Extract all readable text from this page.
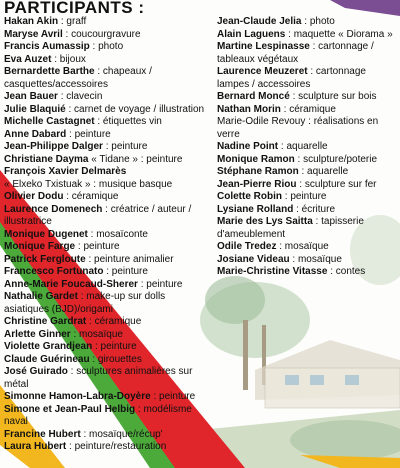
PARTICIPANTS :
Hakan Akin : graff
Maryse Avril : coucourgravure
Francis Aumassip : photo
Eva Auzet : bijoux
Bernardette Barthe : chapeaux / casquettes/accessoires
Jean Bauer : clavecin
Julie Blaquié : carnet de voyage / illustration
Michelle Castagnet : étiquettes vin
Anne Dabard : peinture
Jean-Philippe Dalger : peinture
Christiane Dayma « Tidane » : peinture
François Xavier Delmarès
« Elxeko Txistuak » : musique basque
Olivier Dodu : céramique
Laurence Domenech : créatrice / auteur / illustratrice
Monique Dugenet : mosaïconte
Monique Farge : peinture
Patrick Fergloute : peinture animalier
Francesco Fortunato : peinture
Anne-Marie Foucaud-Sherer : peinture
Nathalie Gardet : make-up sur dolls asiatiques (BJD)/origami
Christine Gardrat : céramique
Arlette Ginner : mosaïque
Violette Grandjean : peinture
Claude Guérineau : girouettes
José Guirado : sculptures animalières sur métal
Simonne Hamon-Labra-Doyère : peinture
Simone et Jean-Paul Helbig : modélisme naval
Francine Hubert : mosaïque/récup'
Laura Hubert : peinture/restauration
Jean-Claude Jelia : photo
Alain Laguens : maquette « Diorama »
Martine Lespinasse : cartonnage / tableaux végétaux
Laurence Meuzeret : cartonnage lampes / accessoires
Bernard Moncé : sculpture sur bois
Nathan Morin : céramique
Marie-Odile Revouy : réalisations en verre
Nadine Point : aquarelle
Monique Ramon : sculpture/poterie
Stéphane Ramon : aquarelle
Jean-Pierre Riou : sculpture sur fer
Colette Robin : peinture
Lysiane Rolland : écriture
Marie des Lys Saitta : tapisserie d'ameublement
Odile Tredez : mosaïque
Josiane Videau : mosaïque
Marie-Christine Vitasse : contes
